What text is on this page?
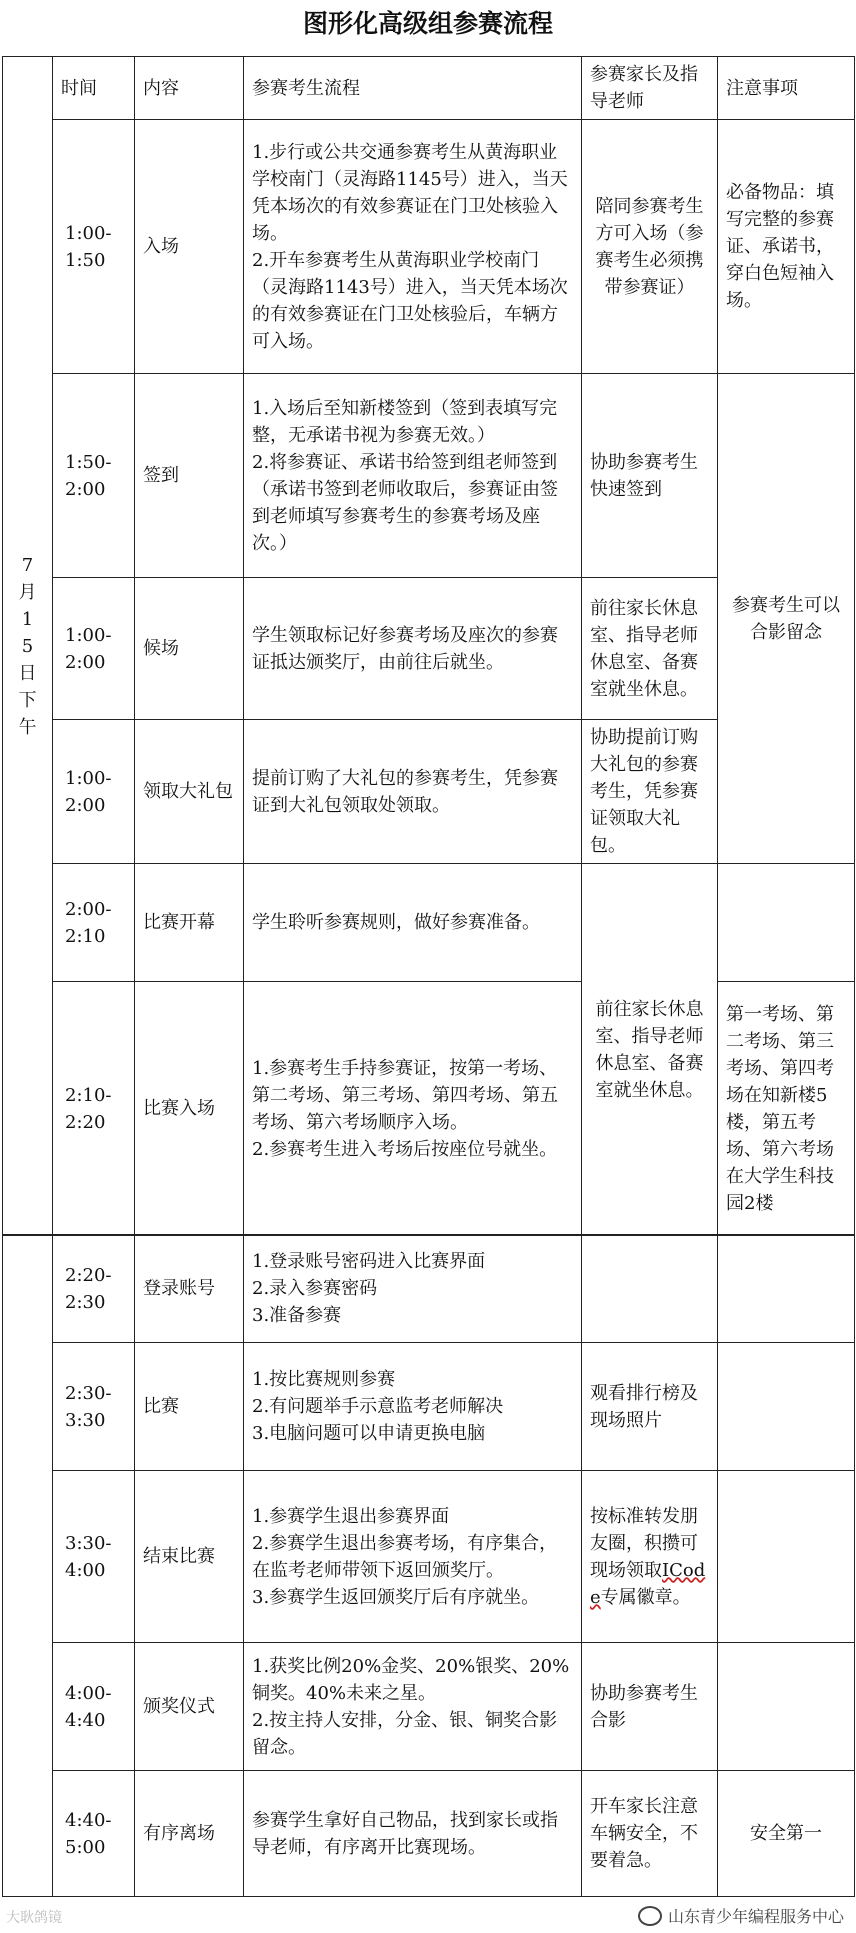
图形化高级组参赛流程
7月15日下午	时间	内容	参赛考生流程	参赛家长及指导老师	注意事项
	1:00-1:50	入场	1.步行或公共交通参赛考生从黄海职业学校南门（灵海路1145号）进入，当天凭本场次的有效参赛证在门卫处核验入场。
2.开车参赛考生从黄海职业学校南门（灵海路1143号）进入，当天凭本场次的有效参赛证在门卫处核验后，车辆方可入场。	陪同参赛考生方可入场（参赛考生必须携带参赛证）	必备物品：填写完整的参赛证、承诺书，穿白色短袖入场。
	1:50-2:00	签到	1.入场后至知新楼签到（签到表填写完整，无承诺书视为参赛无效。）
2.将参赛证、承诺书给签到组老师签到（承诺书签到老师收取后，参赛证由签到老师填写参赛考生的参赛考场及座次。）	协助参赛考生快速签到	参赛考生可以合影留念
	1:00-2:00	候场	学生领取标记好参赛考场及座次的参赛证抵达颁奖厅，由前往后就坐。	前往家长休息室、指导老师休息室、备赛室就坐休息。	
	1:00-2:00	领取大礼包	提前订购了大礼包的参赛考生，凭参赛证到大礼包领取处领取。	协助提前订购大礼包的参赛考生，凭参赛证领取大礼包。	
	2:00-2:10	比赛开幕	学生聆听参赛规则，做好参赛准备。	前往家长休息室、指导老师休息室、备赛室就坐休息。	
	2:10-2:20	比赛入场	1.参赛考生手持参赛证，按第一考场、第二考场、第三考场、第四考场、第五考场、第六考场顺序入场。
2.参赛考生进入考场后按座位号就坐。		第一考场、第二考场、第三考场、第四考场在知新楼5楼，第五考场、第六考场在大学生科技园2楼
	2:20-2:30	登录账号	1.登录账号密码进入比赛界面
2.录入参赛密码
3.准备参赛		

	2:30-3:30	比赛	1.按比赛规则参赛
2.有问题举手示意监考老师解决
3.电脑问题可以申请更换电脑	观看排行榜及现场照片	
	3:30-4:00	结束比赛	1.参赛学生退出参赛界面
2.参赛学生退出参赛考场，有序集合，在监考老师带领下返回颁奖厅。
3.参赛学生返回颁奖厅后有序就坐。	按标准转发朋友圈，积攒可现场领取ICode专属徽章。	
	4:00-4:40	颁奖仪式	1.获奖比例20%金奖、20%银奖、20%铜奖。40%未来之星。
2.按主持人安排，分金、银、铜奖合影留念。	协助参赛考生合影	
	4:40-5:00	有序离场	参赛学生拿好自己物品，找到家长或指导老师，有序离开比赛现场。	开车家长注意车辆安全，不要着急。	安全第一
大耿鸽镜	山东青少年编程服务中心
